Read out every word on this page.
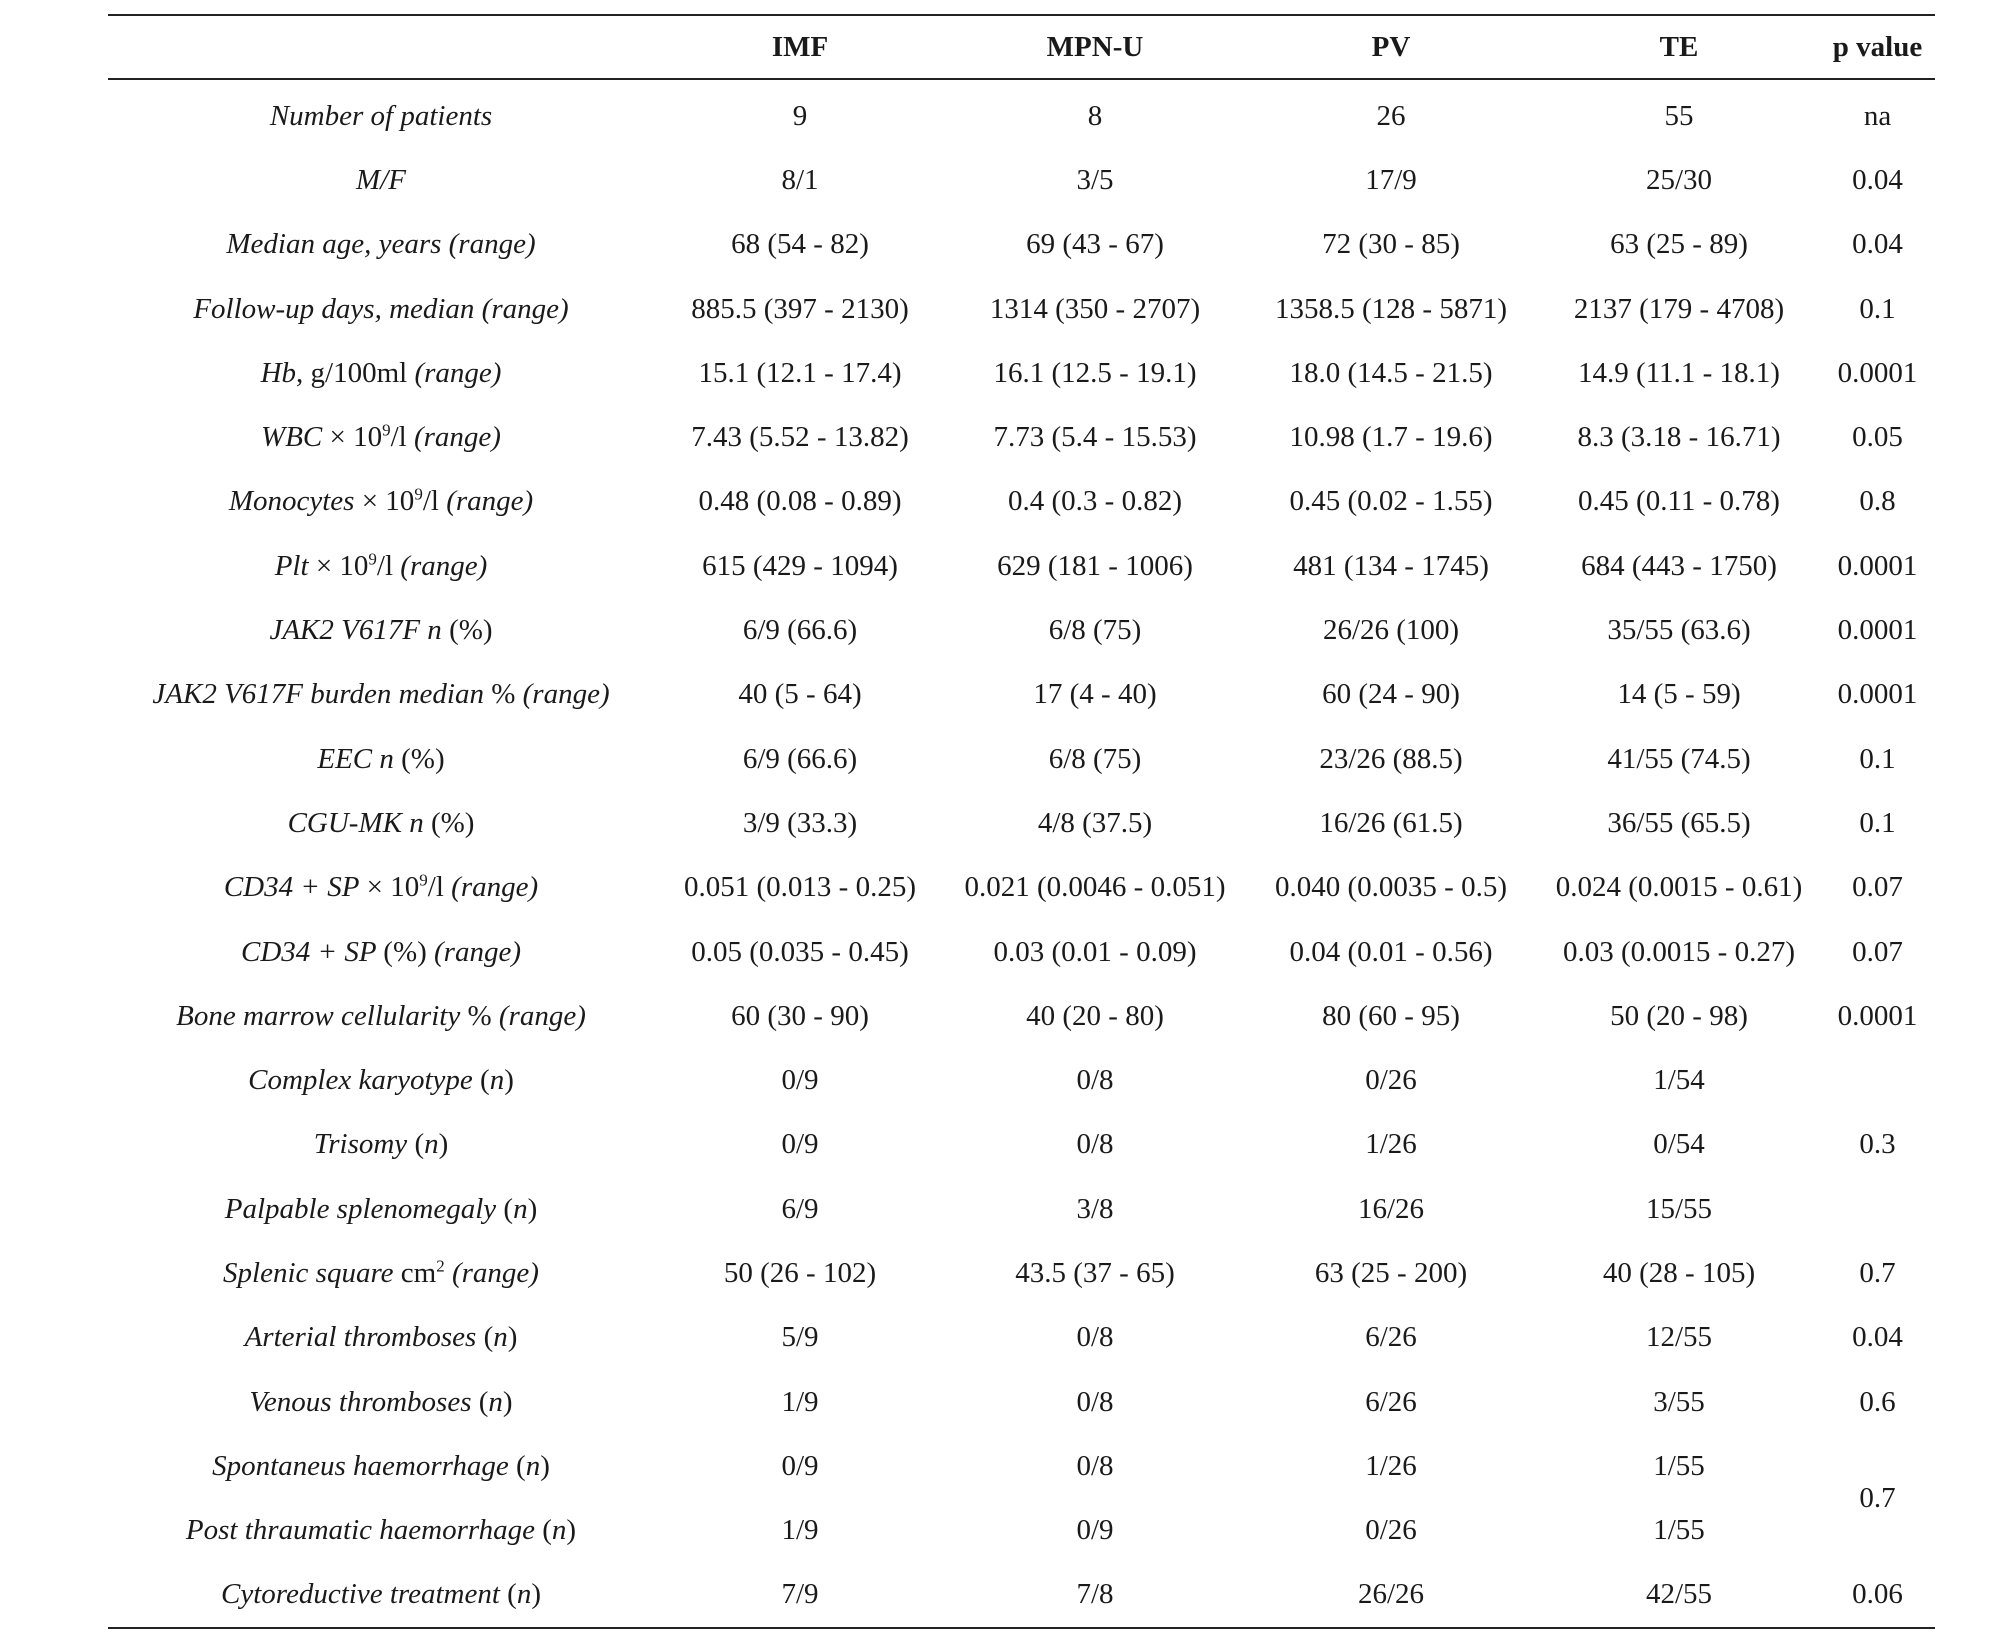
	IMF	MPN-U	PV	TE	p value
Number of patients	9	8	26	55	na
M/F	8/1	3/5	17/9	25/30	0.04
Median age, years (range)	68 (54 - 82)	69 (43 - 67)	72 (30 - 85)	63 (25 - 89)	0.04
Follow-up days, median (range)	885.5 (397 - 2130)	1314 (350 - 2707)	1358.5 (128 - 5871)	2137 (179 - 4708)	0.1
Hb, g/100ml (range)	15.1 (12.1 - 17.4)	16.1 (12.5 - 19.1)	18.0 (14.5 - 21.5)	14.9 (11.1 - 18.1)	0.0001
WBC × $10^9/l$ (range)	7.43 (5.52 - 13.82)	7.73 (5.4 - 15.53)	10.98 (1.7 - 19.6)	8.3 (3.18 - 16.71)	0.05
Monocytes × $10^9/l$ (range)	0.48 (0.08 - 0.89)	0.4 (0.3 - 0.82)	0.45 (0.02 - 1.55)	0.45 (0.11 - 0.78)	0.8
Plt × $10^9/l$ (range)	615 (429 - 1094)	629 (181 - 1006)	481 (134 - 1745)	684 (443 - 1750)	0.0001
JAK2 V617F n (%)	6/9 (66.6)	6/8 (75)	26/26 (100)	35/55 (63.6)	0.0001
JAK2 V617F burden median % (range)	40 (5 - 64)	17 (4 - 40)	60 (24 - 90)	14 (5 - 59)	0.0001
EEC n (%)	6/9 (66.6)	6/8 (75)	23/26 (88.5)	41/55 (74.5)	0.1
CGU-MK n (%)	3/9 (33.3)	4/8 (37.5)	16/26 (61.5)	36/55 (65.5)	0.1
CD34 + SP × $10^9/l$ (range)	0.051 (0.013 - 0.25)	0.021 (0.0046 - 0.051)	0.040 (0.0035 - 0.5)	0.024 (0.0015 - 0.61)	0.07
CD34 + SP (%) (range)	0.05 (0.035 - 0.45)	0.03 (0.01 - 0.09)	0.04 (0.01 - 0.56)	0.03 (0.0015 - 0.27)	0.07
Bone marrow cellularity % (range)	60 (30 - 90)	40 (20 - 80)	80 (60 - 95)	50 (20 - 98)	0.0001
Complex karyotype (n)	0/9	0/8	0/26	1/54	
Trisomy (n)	0/9	0/8	1/26	0/54	0.3
Palpable splenomegaly (n)	6/9	3/8	16/26	15/55	
Splenic square $cm^2$ (range)	50 (26 - 102)	43.5 (37 - 65)	63 (25 - 200)	40 (28 - 105)	0.7
Arterial thromboses (n)	5/9	0/8	6/26	12/55	0.04
Venous thromboses (n)	1/9	0/8	6/26	3/55	0.6
Spontaneus haemorrhage (n)	0/9	0/8	1/26	1/55	0.7
Post thraumatic haemorrhage (n)	1/9	0/9	0/26	1/55	
Cytoreductive treatment (n)	7/9	7/8	26/26	42/55	0.06
